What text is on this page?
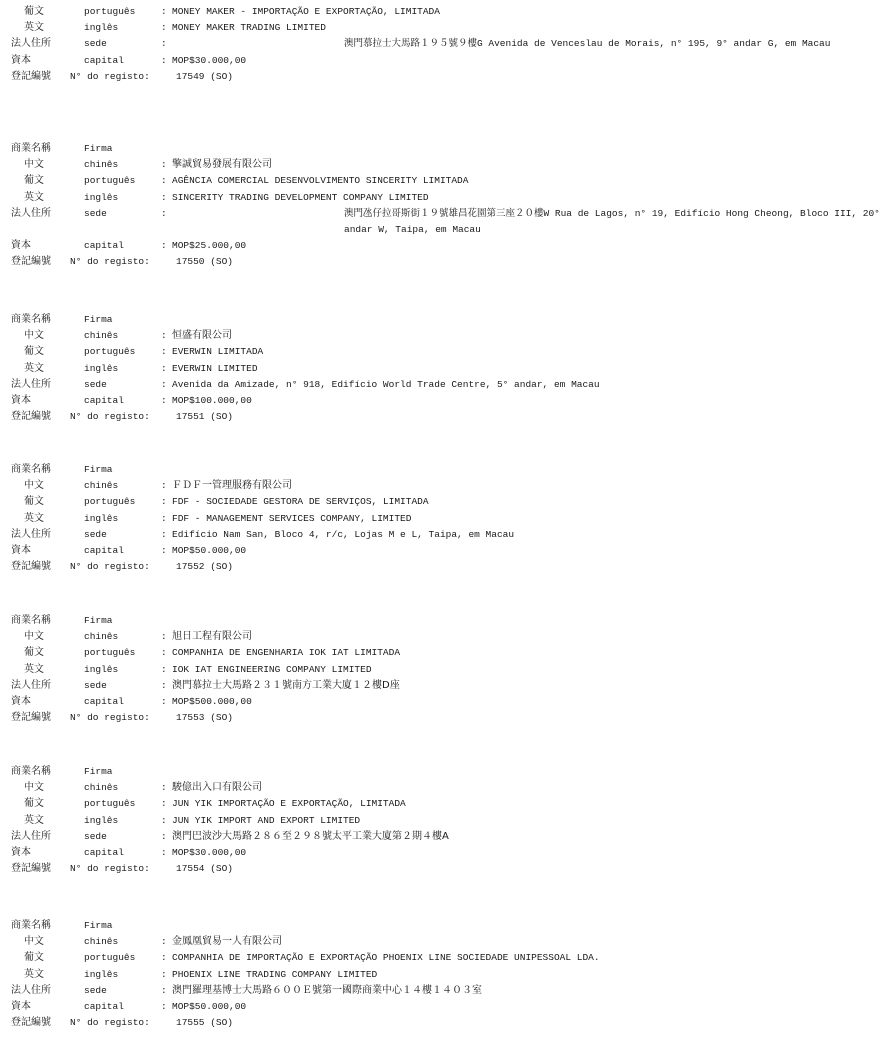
葡文	português	: MONEY MAKER - IMPORTAÇÃO E EXPORTAÇÃO, LIMITADA
英文	inglês	: MONEY MAKER TRADING LIMITED
法人住所	sede	:	澳門慕拉士大馬路１９５號９樓G Avenida de Venceslau de Morais, n° 195, 9° andar G, em Macau
資本	capital	: MOP$30.000,00
登記編號 N° do registo:	17549 (SO)
商業名稱	Firma
中文	chinês	: 擎誠貿易發展有限公司
葡文	português	: AGÊNCIA COMERCIAL DESENVOLVIMENTO SINCERITY LIMITADA
英文	inglês	: SINCERITY TRADING DEVELOPMENT COMPANY LIMITED
法人住所	sede	:	澳門氹仔拉哥斯街１９號雄昌花園第三座２０樓W Rua de Lagos, n° 19, Edifício Hong Cheong, Bloco III, 20° andar W, Taipa, em Macau
資本	capital	: MOP$25.000,00
登記編號 N° do registo:	17550 (SO)
商業名稱	Firma
中文	chinês	: 恒盛有限公司
葡文	português	: EVERWIN LIMITADA
英文	inglês	: EVERWIN LIMITED
法人住所	sede	: Avenida da Amizade, n° 918, Edifício World Trade Centre, 5° andar, em Macau
資本	capital	: MOP$100.000,00
登記編號 N° do registo:	17551 (SO)
商業名稱	Firma
中文	chinês	: ＦＤＦ一管理服務有限公司
葡文	português	: FDF - SOCIEDADE GESTORA DE SERVIÇOS, LIMITADA
英文	inglês	: FDF - MANAGEMENT SERVICES COMPANY, LIMITED
法人住所	sede	: Edifício Nam San, Bloco 4, r/c, Lojas M e L, Taipa, em Macau
資本	capital	: MOP$50.000,00
登記編號 N° do registo:	17552 (SO)
商業名稱	Firma
中文	chinês	: 旭日工程有限公司
葡文	português	: COMPANHIA DE ENGENHARIA IOK IAT LIMITADA
英文	inglês	: IOK IAT ENGINEERING COMPANY LIMITED
法人住所	sede	: 澳門慕拉士大馬路２３１號南方工業大廈１２樓D座
資本	capital	: MOP$500.000,00
登記編號 N° do registo:	17553 (SO)
商業名稱	Firma
中文	chinês	: 駿億出入口有限公司
葡文	português	: JUN YIK IMPORTAÇÃO E EXPORTAÇÃO, LIMITADA
英文	inglês	: JUN YIK IMPORT AND EXPORT LIMITED
法人住所	sede	: 澳門巴波沙大馬路２８６至２９８號太平工業大廈第２期４樓A
資本	capital	: MOP$30.000,00
登記編號 N° do registo:	17554 (SO)
商業名稱	Firma
中文	chinês	: 金鳳凰貿易一人有限公司
葡文	português	: COMPANHIA DE IMPORTAÇÃO E EXPORTAÇÃO PHOENIX LINE SOCIEDADE UNIPESSOAL LDA.
英文	inglês	: PHOENIX LINE TRADING COMPANY LIMITED
法人住所	sede	: 澳門羅理基博士大馬路６００Ｅ號第一國際商業中心１４樓１４０３室
資本	capital	: MOP$50.000,00
登記編號 N° do registo:	17555 (SO)
